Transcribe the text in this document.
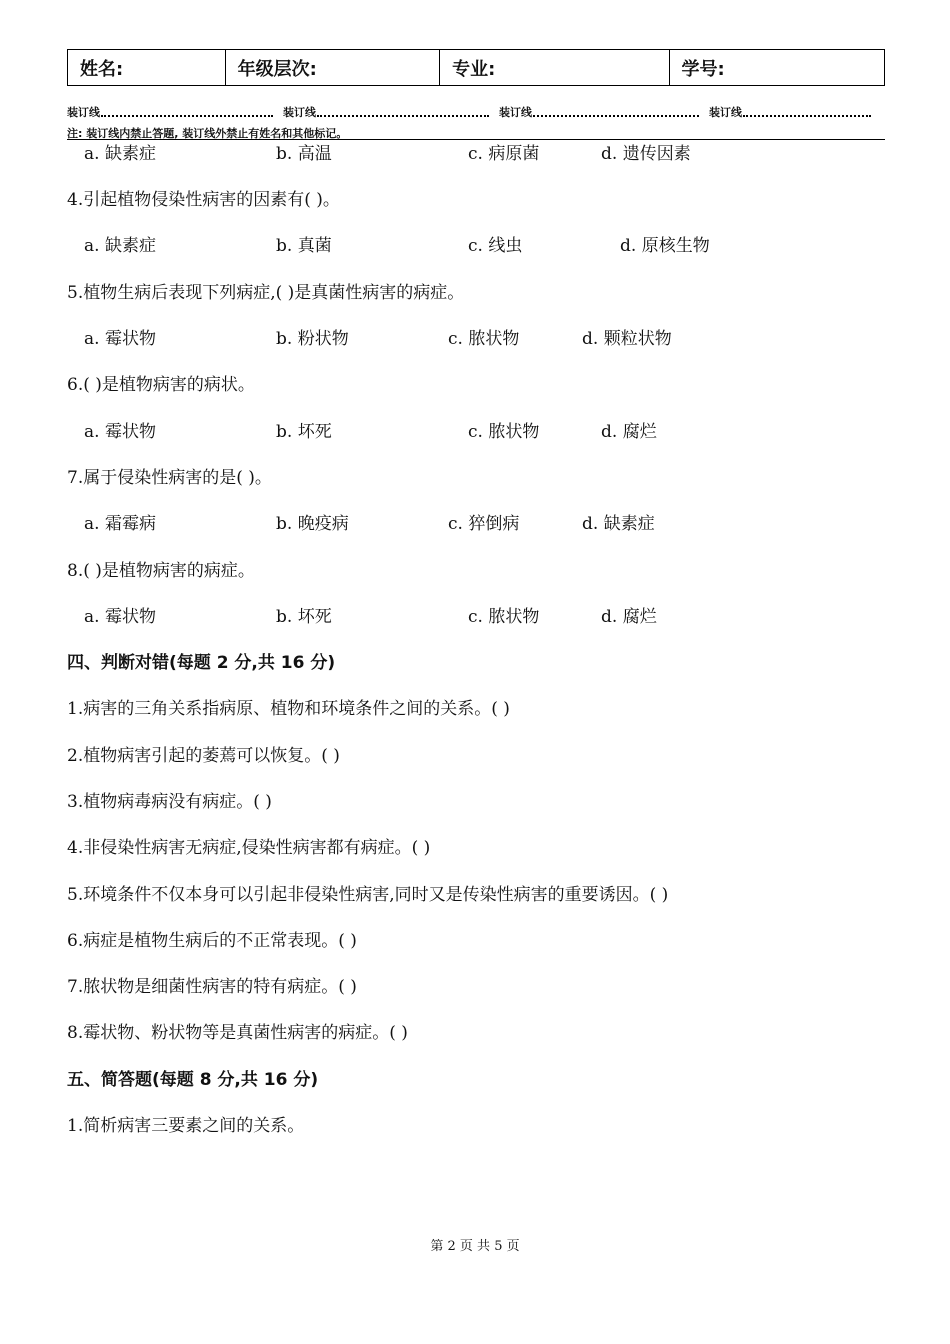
姓名:	年级层次:	专业:	学号:
装订线	装订线	装订线	装订线
注: 装订线内禁止答题, 装订线外禁止有姓名和其他标记。
a. 缺素症	b. 高温	c. 病原菌	d. 遗传因素
4.引起植物侵染性病害的因素有( )。
a. 缺素症	b. 真菌	c. 线虫	d. 原核生物
5.植物生病后表现下列病症,( )是真菌性病害的病症。
a. 霉状物	b. 粉状物	c. 脓状物	d. 颗粒状物
6.( )是植物病害的病状。
a. 霉状物	b. 坏死	c. 脓状物	d. 腐烂
7.属于侵染性病害的是( )。
a. 霜霉病	b. 晚疫病	c. 猝倒病	d. 缺素症
8.( )是植物病害的病症。
a. 霉状物	b. 坏死	c. 脓状物	d. 腐烂
四、判断对错(每题 2 分,共 16 分)
1.病害的三角关系指病原、植物和环境条件之间的关系。( )
2.植物病害引起的萎蔫可以恢复。( )
3.植物病毒病没有病症。( )
4.非侵染性病害无病症,侵染性病害都有病症。( )
5.环境条件不仅本身可以引起非侵染性病害,同时又是传染性病害的重要诱因。( )
6.病症是植物生病后的不正常表现。( )
7.脓状物是细菌性病害的特有病症。( )
8.霉状物、粉状物等是真菌性病害的病症。( )
五、简答题(每题 8 分,共 16 分)
1.简析病害三要素之间的关系。
第 2 页 共 5 页
